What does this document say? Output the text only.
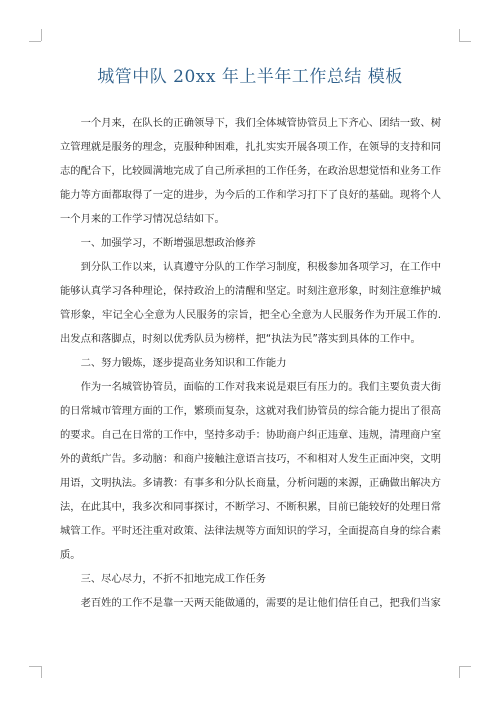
城管中队 20xx 年上半年工作总结 模板

一个月来，在队长的正确领导下，我们全体城管协管员上下齐心、团结一致、树立管理就是服务的理念，克服种种困难，扎扎实实开展各项工作，在领导的支持和同志的配合下，比较圆满地完成了自己所承担的工作任务，在政治思想觉悟和业务工作能力等方面都取得了一定的进步，为今后的工作和学习打下了良好的基础。现将个人一个月来的工作学习情况总结如下。

一、加强学习，不断增强思想政治修养

到分队工作以来，认真遵守分队的工作学习制度，积极参加各项学习，在工作中能够认真学习各种理论，保持政治上的清醒和坚定。时刻注意形象，时刻注意维护城管形象，牢记全心全意为人民服务的宗旨，把全心全意为人民服务作为开展工作的.出发点和落脚点，时刻以优秀队员为榜样，把“执法为民”落实到具体的工作中。

二、努力锻炼，逐步提高业务知识和工作能力

作为一名城管协管员，面临的工作对我来说是艰巨有压力的。我们主要负责大街的日常城市管理方面的工作，繁琐而复杂，这就对我们协管员的综合能力提出了很高的要求。自己在日常的工作中，坚持多动手：协助商户纠正违章、违规，清理商户室外的黄纸广告。多动脑：和商户接触注意语言技巧，不和相对人发生正面冲突，文明用语，文明执法。多请教：有事多和分队长商量，分析问题的来源，正确做出解决方法，在此其中，我多次和同事探讨，不断学习、不断积累，目前已能较好的处理日常城管工作。平时还注重对政策、法律法规等方面知识的学习，全面提高自身的综合素质。

三、尽心尽力，不折不扣地完成工作任务

老百姓的工作不是靠一天两天能做通的，需要的是让他们信任自己，把我们当家
